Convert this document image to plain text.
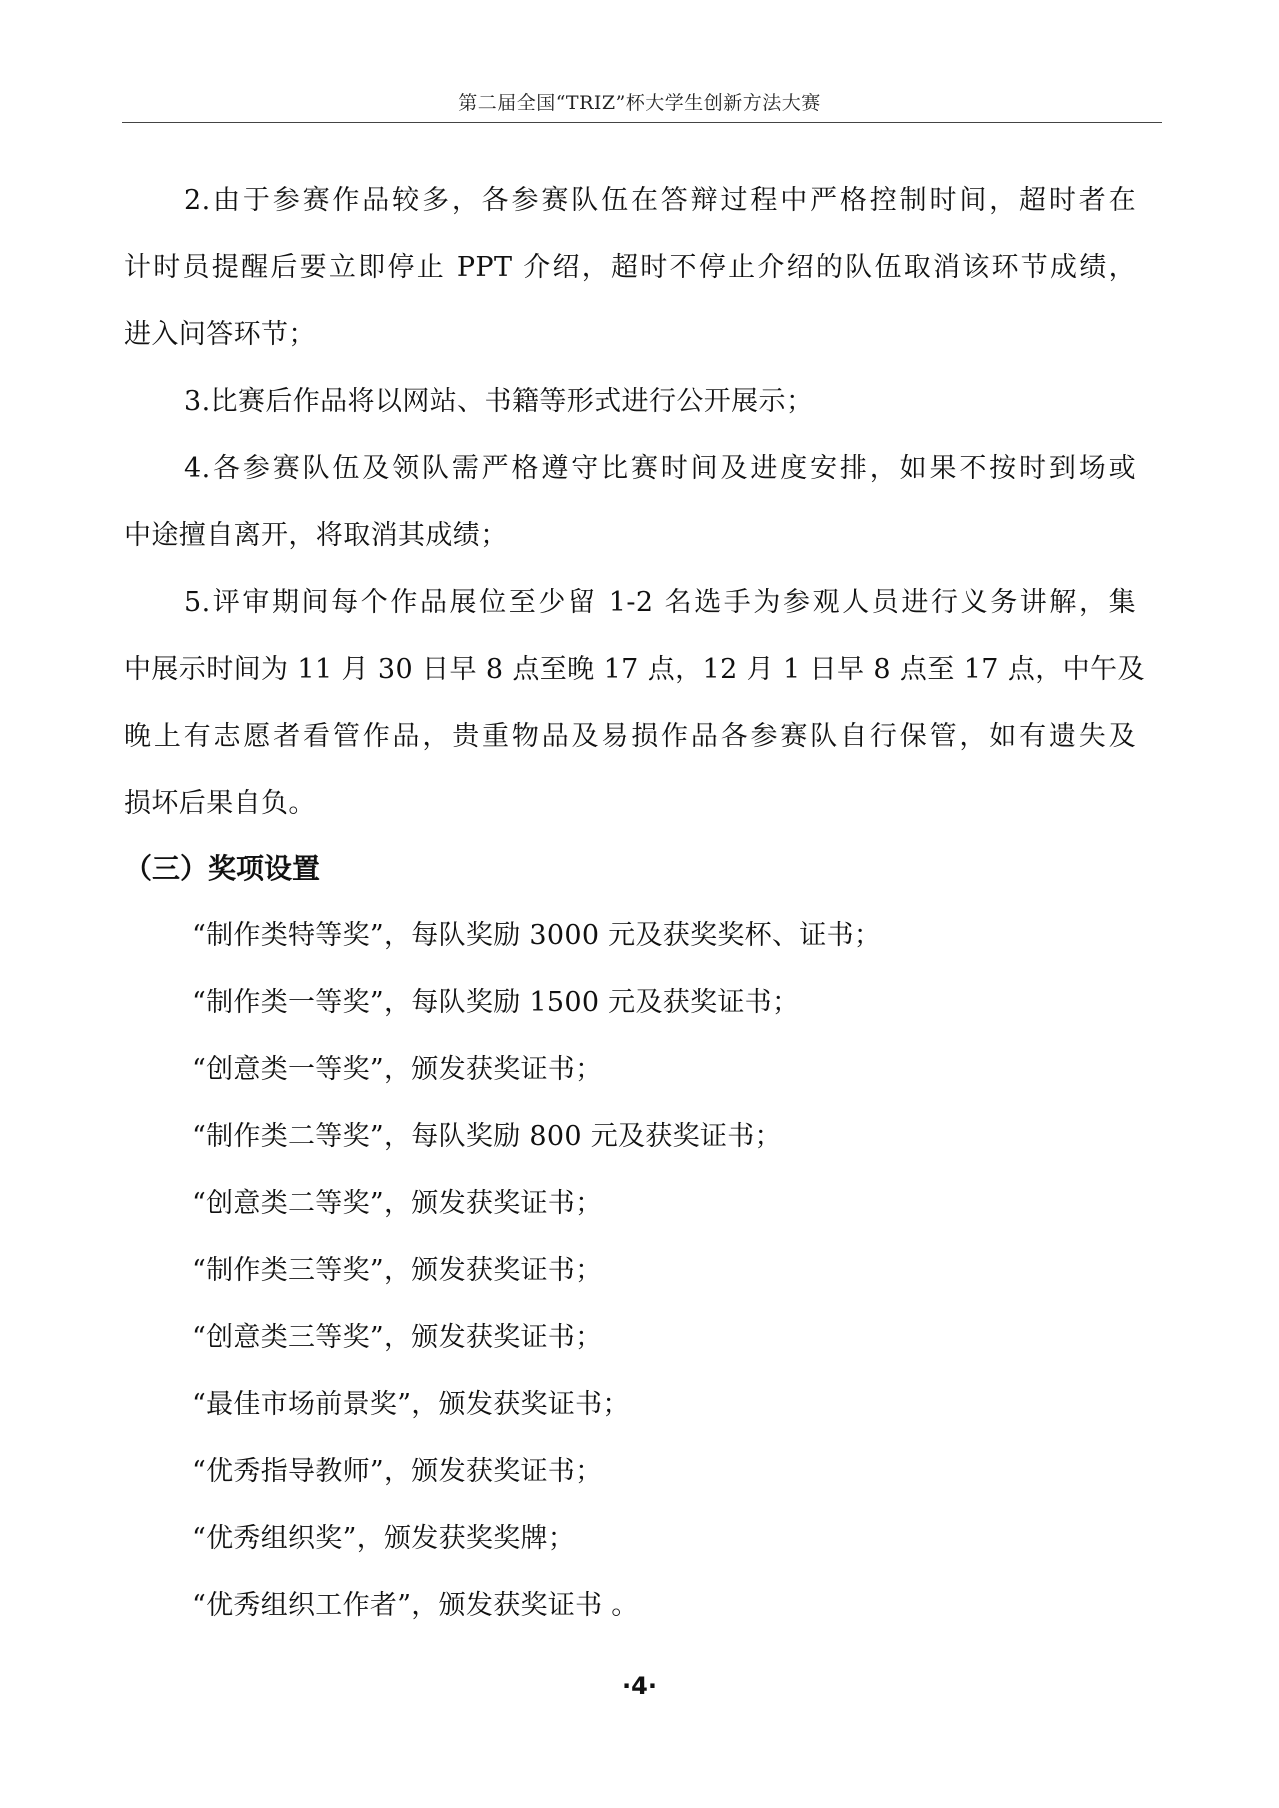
第二届全国“TRIZ”杯大学生创新方法大赛
2.由于参赛作品较多，各参赛队伍在答辩过程中严格控制时间，超时者在
计时员提醒后要立即停止 PPT 介绍，超时不停止介绍的队伍取消该环节成绩，
进入问答环节；
3.比赛后作品将以网站、书籍等形式进行公开展示；
4.各参赛队伍及领队需严格遵守比赛时间及进度安排，如果不按时到场或
中途擅自离开，将取消其成绩；
5.评审期间每个作品展位至少留 1-2 名选手为参观人员进行义务讲解，集
中展示时间为 11 月 30 日早 8 点至晚 17 点，12 月 1 日早 8 点至 17 点，中午及
晚上有志愿者看管作品，贵重物品及易损作品各参赛队自行保管，如有遗失及
损坏后果自负。
（三）奖项设置
“制作类特等奖”，每队奖励 3000 元及获奖奖杯、证书；
“制作类一等奖”，每队奖励 1500 元及获奖证书；
“创意类一等奖”，颁发获奖证书；
“制作类二等奖”，每队奖励 800 元及获奖证书；
“创意类二等奖”，颁发获奖证书；
“制作类三等奖”，颁发获奖证书；
“创意类三等奖”，颁发获奖证书；
“最佳市场前景奖”，颁发获奖证书；
“优秀指导教师”，颁发获奖证书；
“优秀组织奖”，颁发获奖奖牌；
“优秀组织工作者”，颁发获奖证书 。
·4·
